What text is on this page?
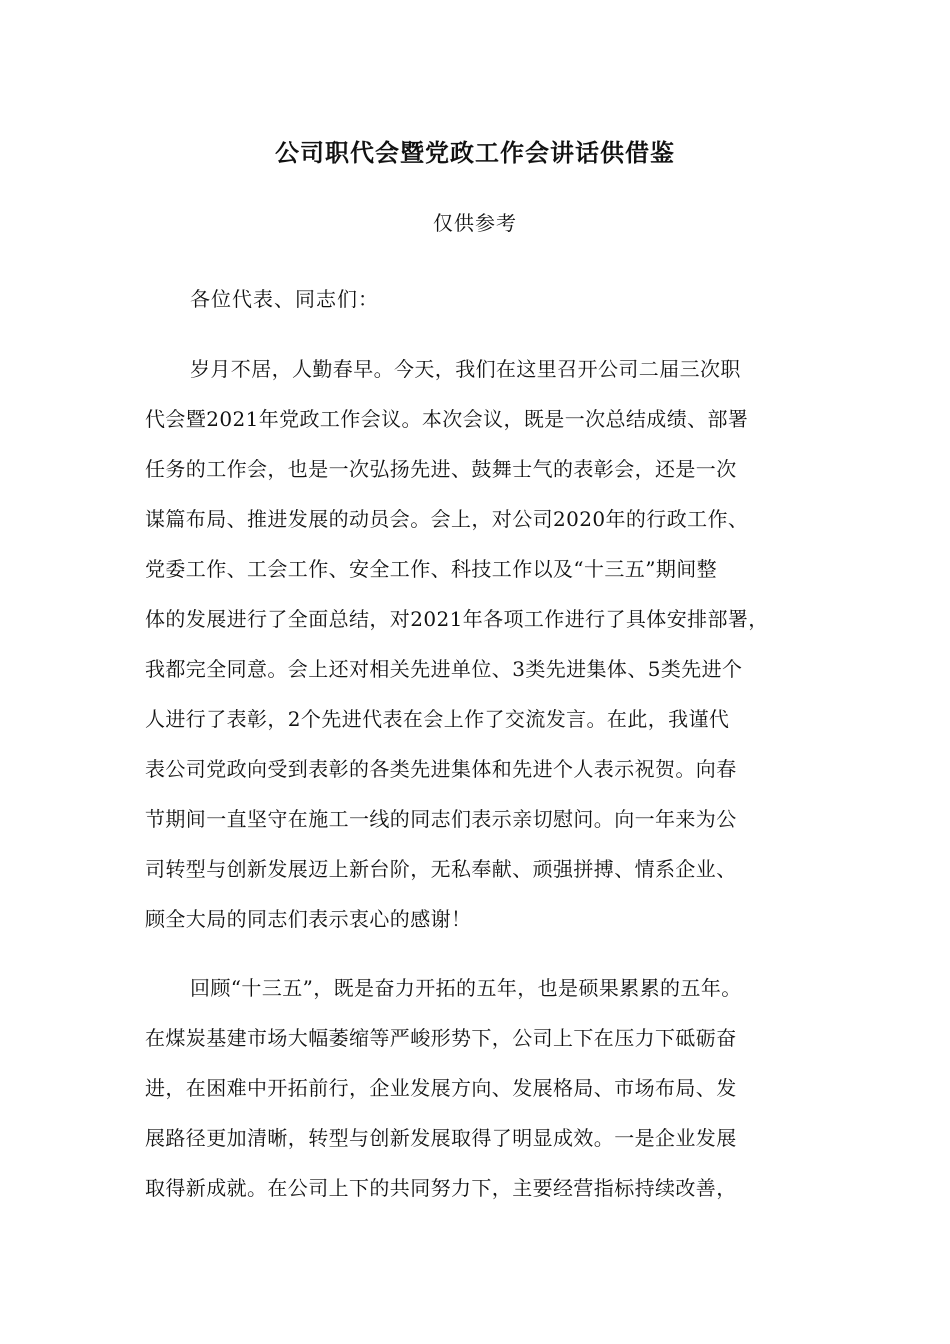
公司职代会暨党政工作会讲话供借鉴
仅供参考
各位代表、同志们：
岁月不居，人勤春早。今天，我们在这里召开公司二届三次职
代会暨2021年党政工作会议。本次会议，既是一次总结成绩、部署
任务的工作会，也是一次弘扬先进、鼓舞士气的表彰会，还是一次
谋篇布局、推进发展的动员会。会上，对公司2020年的行政工作、
党委工作、工会工作、安全工作、科技工作以及“十三五”期间整
体的发展进行了全面总结，对2021年各项工作进行了具体安排部署，
我都完全同意。会上还对相关先进单位、3类先进集体、5类先进个
人进行了表彰，2个先进代表在会上作了交流发言。在此，我谨代
表公司党政向受到表彰的各类先进集体和先进个人表示祝贺。向春
节期间一直坚守在施工一线的同志们表示亲切慰问。向一年来为公
司转型与创新发展迈上新台阶，无私奉献、顽强拼搏、情系企业、
顾全大局的同志们表示衷心的感谢！
回顾“十三五”，既是奋力开拓的五年，也是硕果累累的五年。
在煤炭基建市场大幅萎缩等严峻形势下，公司上下在压力下砥砺奋
进，在困难中开拓前行，企业发展方向、发展格局、市场布局、发
展路径更加清晰，转型与创新发展取得了明显成效。一是企业发展
取得新成就。在公司上下的共同努力下，主要经营指标持续改善，
